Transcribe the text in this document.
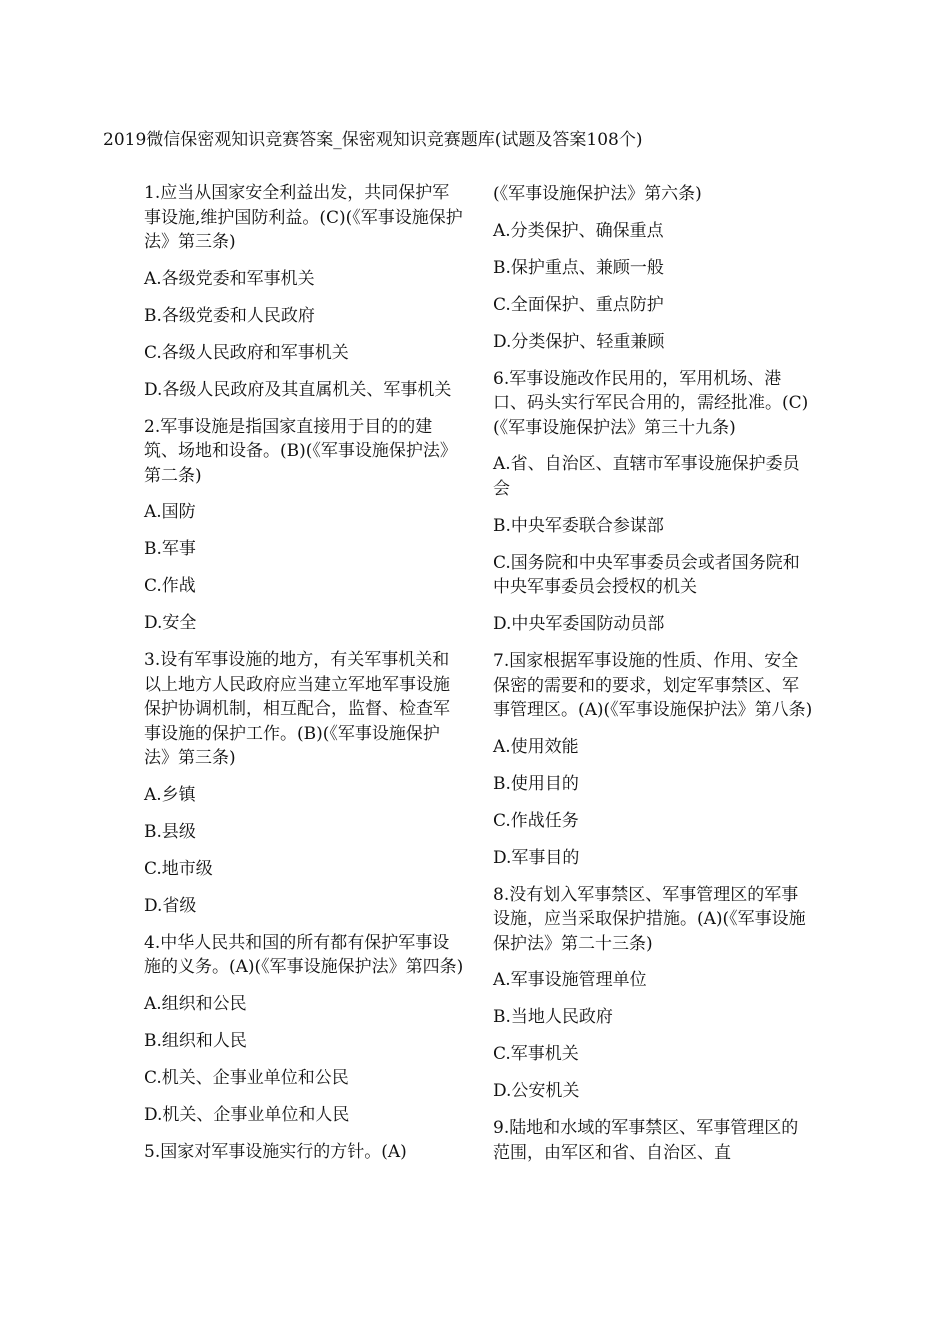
2019微信保密观知识竞赛答案_保密观知识竞赛题库(试题及答案108个)

1.应当从国家安全利益出发，共同保护军事设施,维护国防利益。(C)(《军事设施保护法》第三条)

A.各级党委和军事机关

B.各级党委和人民政府

C.各级人民政府和军事机关

D.各级人民政府及其直属机关、军事机关

2.军事设施是指国家直接用于目的的建筑、场地和设备。(B)(《军事设施保护法》第二条)

A.国防

B.军事

C.作战

D.安全

3.设有军事设施的地方，有关军事机关和以上地方人民政府应当建立军地军事设施保护协调机制，相互配合，监督、检查军事设施的保护工作。(B)(《军事设施保护法》第三条)

A.乡镇

B.县级

C.地市级

D.省级

4.中华人民共和国的所有都有保护军事设施的义务。(A)(《军事设施保护法》第四条)

A.组织和公民

B.组织和人民

C.机关、企事业单位和公民

D.机关、企事业单位和人民

5.国家对军事设施实行的方针。(A)

(《军事设施保护法》第六条)

A.分类保护、确保重点

B.保护重点、兼顾一般

C.全面保护、重点防护

D.分类保护、轻重兼顾

6.军事设施改作民用的，军用机场、港口、码头实行军民合用的，需经批准。(C)(《军事设施保护法》第三十九条)

A.省、自治区、直辖市军事设施保护委员会

B.中央军委联合参谋部

C.国务院和中央军事委员会或者国务院和中央军事委员会授权的机关

D.中央军委国防动员部

7.国家根据军事设施的性质、作用、安全保密的需要和的要求，划定军事禁区、军事管理区。(A)(《军事设施保护法》第八条)

A.使用效能

B.使用目的

C.作战任务

D.军事目的

8.没有划入军事禁区、军事管理区的军事设施，应当采取保护措施。(A)(《军事设施保护法》第二十三条)

A.军事设施管理单位

B.当地人民政府

C.军事机关

D.公安机关

9.陆地和水域的军事禁区、军事管理区的范围，由军区和省、自治区、直
